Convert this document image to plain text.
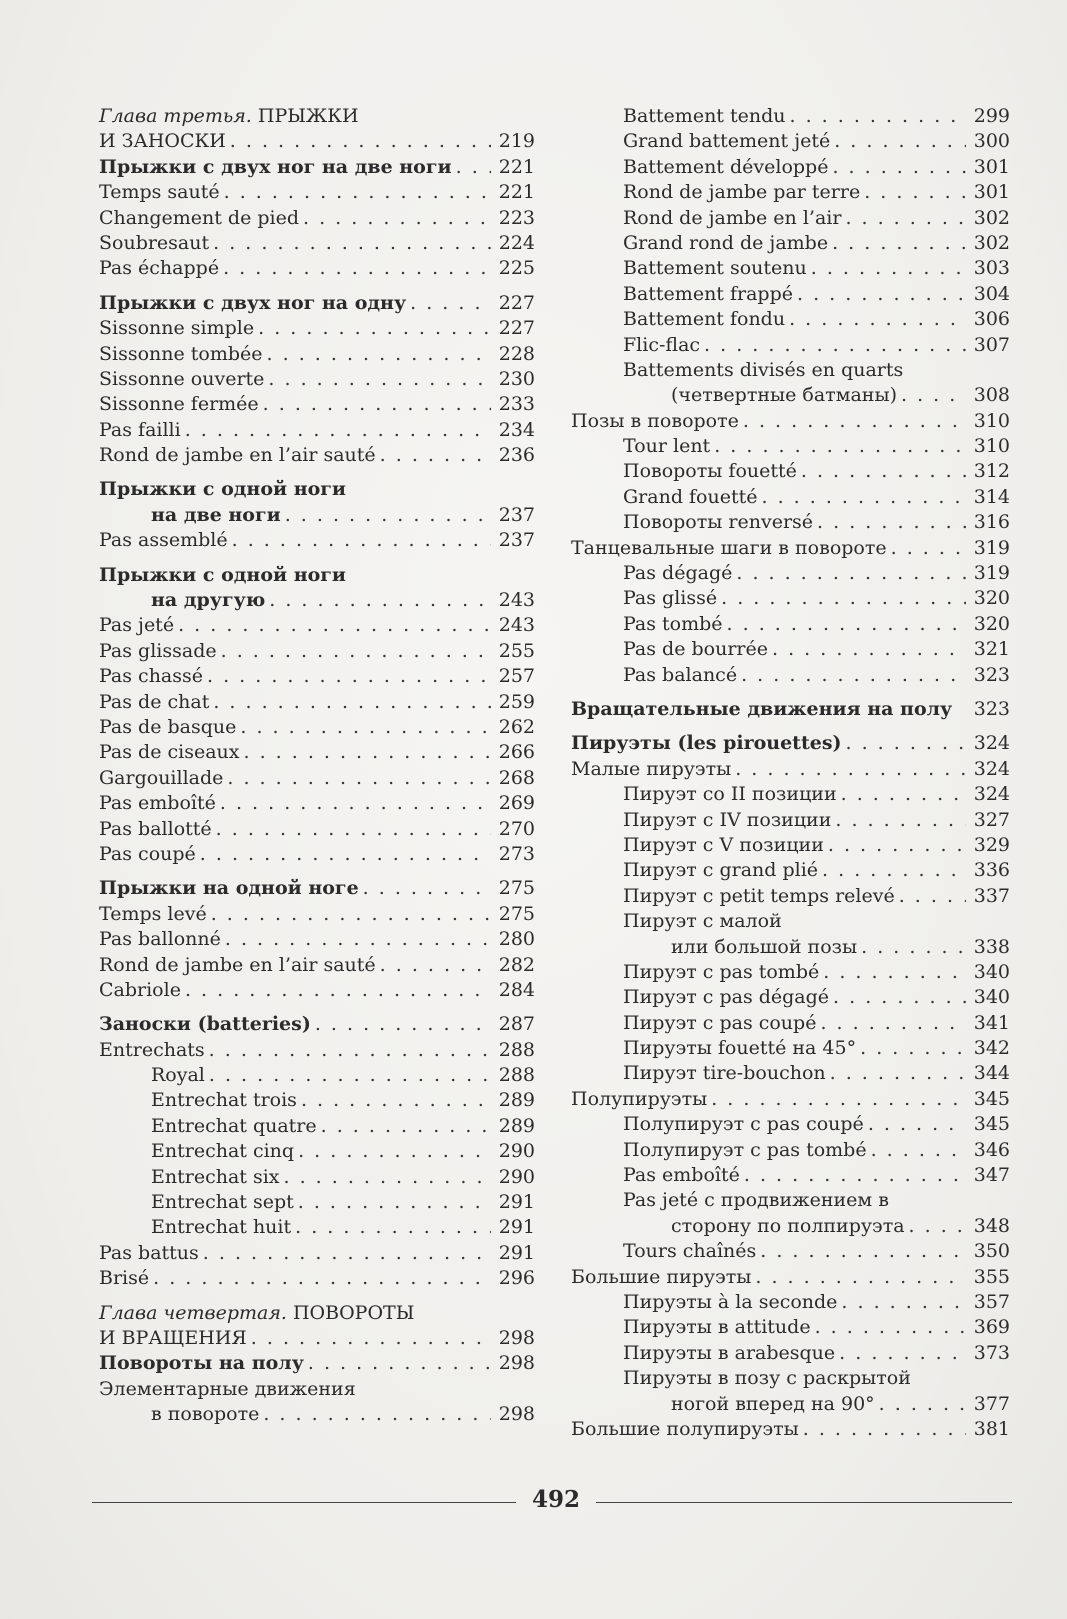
Глава третья. ПРЫЖКИ
И ЗАНОСКИ . . .	219
Прыжки с двух ног на две ноги . . .	221
Temps sauté . . .	221
Changement de pied . . .	223
Soubresaut . . .	224
Pas échappé . . .	225
Прыжки с двух ног на одну . . .	227
Sissonne simple . . .	227
Sissonne tombée . . .	228
Sissonne ouverte . . .	230
Sissonne fermée . . .	233
Pas failli . . .	234
Rond de jambe en l’air sauté . . .	236
Прыжки с одной ноги
на две ноги . . .	237
Pas assemblé . . .	237
Прыжки с одной ноги
на другую . . .	243
Pas jeté . . .	243
Pas glissade . . .	255
Pas chassé . . .	257
Pas de chat . . .	259
Pas de basque . . .	262
Pas de ciseaux . . .	266
Gargouillade . . .	268
Pas emboîté . . .	269
Pas ballotté . . .	270
Pas coupé . . .	273
Прыжки на одной ноге . . .	275
Temps levé . . .	275
Pas ballonné . . .	280
Rond de jambe en l’air sauté . . .	282
Cabriole . . .	284
Заноски (batteries) . . .	287
Entrechats . . .	288
Royal . . .	288
Entrechat trois . . .	289
Entrechat quatre . . .	289
Entrechat cinq . . .	290
Entrechat six . . .	290
Entrechat sept . . .	291
Entrechat huit . . .	291
Pas battus . . .	291
Brisé . . .	296
Глава четвертая. ПОВОРОТЫ
И ВРАЩЕНИЯ . . .	298
Повороты на полу . . .	298
Элементарные движения
в повороте . . .	298
Battement tendu . . .	299
Grand battement jeté . . .	300
Battement développé . . .	301
Rond de jambe par terre . . .	301
Rond de jambe en l’air . . .	302
Grand rond de jambe . . .	302
Battement soutenu . . .	303
Battement frappé . . .	304
Battement fondu . . .	306
Flic-flac . . .	307
Battements divisés en quarts
(четвертные батманы) . . .	308
Позы в повороте . . .	310
Tour lent . . .	310
Повороты fouetté . . .	312
Grand fouetté . . .	314
Повороты renversé . . .	316
Танцевальные шаги в повороте . . .	319
Pas dégagé . . .	319
Pas glissé . . .	320
Pas tombé . . .	320
Pas de bourrée . . .	321
Pas balancé . . .	323
Вращательные движения на полу	323
Пируэты (les pirouettes) . . .	324
Малые пируэты . . .	324
Пируэт со II позиции . . .	324
Пируэт с IV позиции . . .	327
Пируэт с V позиции . . .	329
Пируэт с grand plié . . .	336
Пируэт с petit temps relevé . . .	337
Пируэт с малой
или большой позы . . .	338
Пируэт с pas tombé . . .	340
Пируэт с pas dégagé . . .	340
Пируэт с pas coupé . . .	341
Пируэты fouetté на 45° . . .	342
Пируэт tire-bouchon . . .	344
Полупируэты . . .	345
Полупируэт с pas coupé . . .	345
Полупируэт с pas tombé . . .	346
Pas emboîté . . .	347
Pas jeté с продвижением в
сторону по полпируэта . . .	348
Tours chaînés . . .	350
Большие пируэты . . .	355
Пируэты à la seconde . . .	357
Пируэты в attitude . . .	369
Пируэты в arabesque . . .	373
Пируэты в позу с раскрытой
ногой вперед на 90° . . .	377
Большие полупируэты . . .	381
492
